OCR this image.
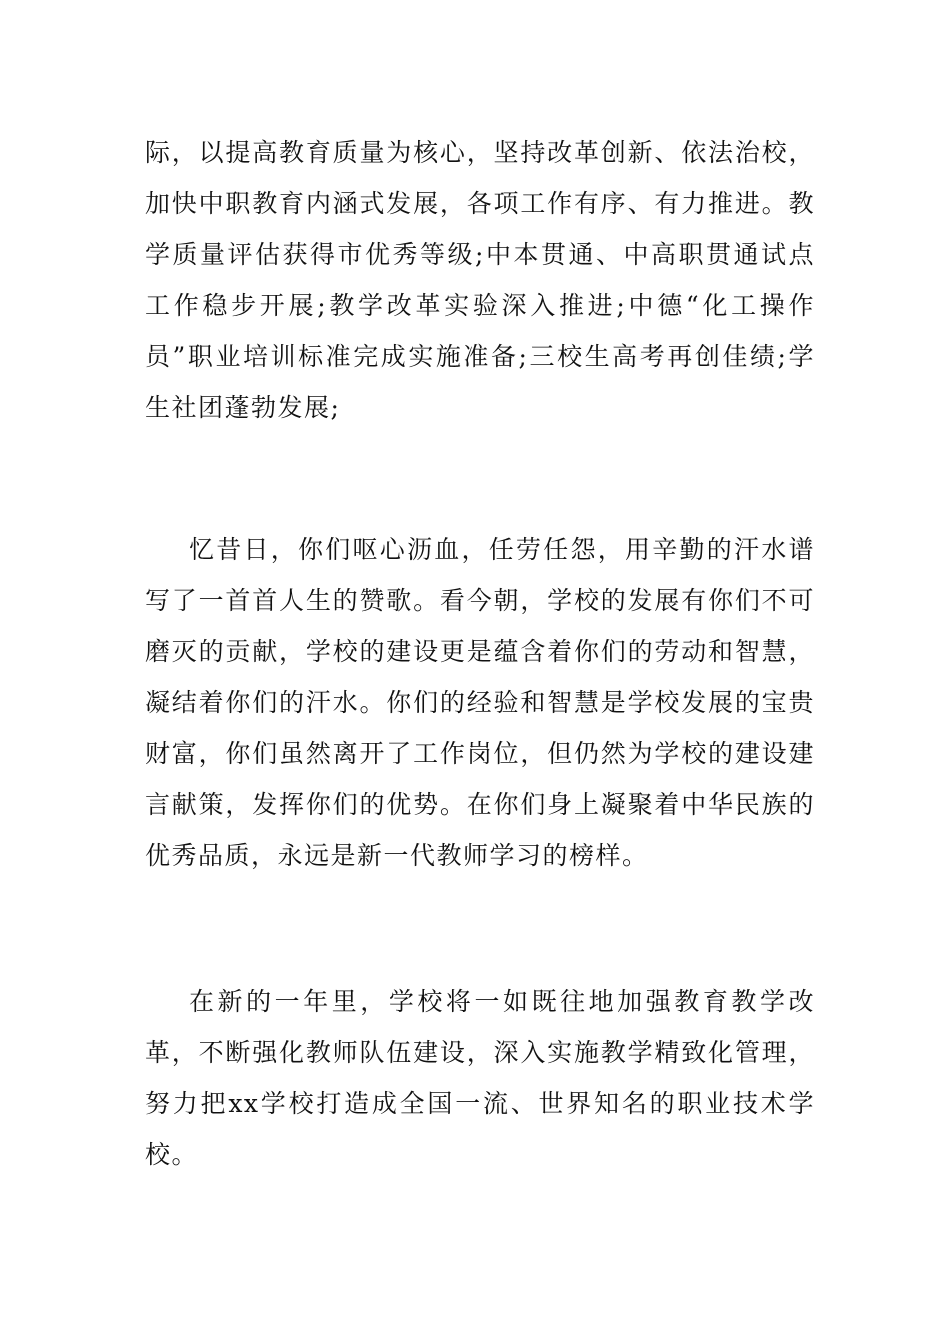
际，以提高教育质量为核心，坚持改革创新、依法治校，加快中职教育内涵式发展，各项工作有序、有力推进。教学质量评估获得市优秀等级;中本贯通、中高职贯通试点工作稳步开展;教学改革实验深入推进;中德“化工操作员”职业培训标准完成实施准备;三校生高考再创佳绩;学生社团蓬勃发展;

忆昔日，你们呕心沥血，任劳任怨，用辛勤的汗水谱写了一首首人生的赞歌。看今朝，学校的发展有你们不可磨灭的贡献，学校的建设更是蕴含着你们的劳动和智慧，凝结着你们的汗水。你们的经验和智慧是学校发展的宝贵财富，你们虽然离开了工作岗位，但仍然为学校的建设建言献策，发挥你们的优势。在你们身上凝聚着中华民族的优秀品质，永远是新一代教师学习的榜样。

在新的一年里，学校将一如既往地加强教育教学改革，不断强化教师队伍建设，深入实施教学精致化管理，努力把xx学校打造成全国一流、世界知名的职业技术学校。
